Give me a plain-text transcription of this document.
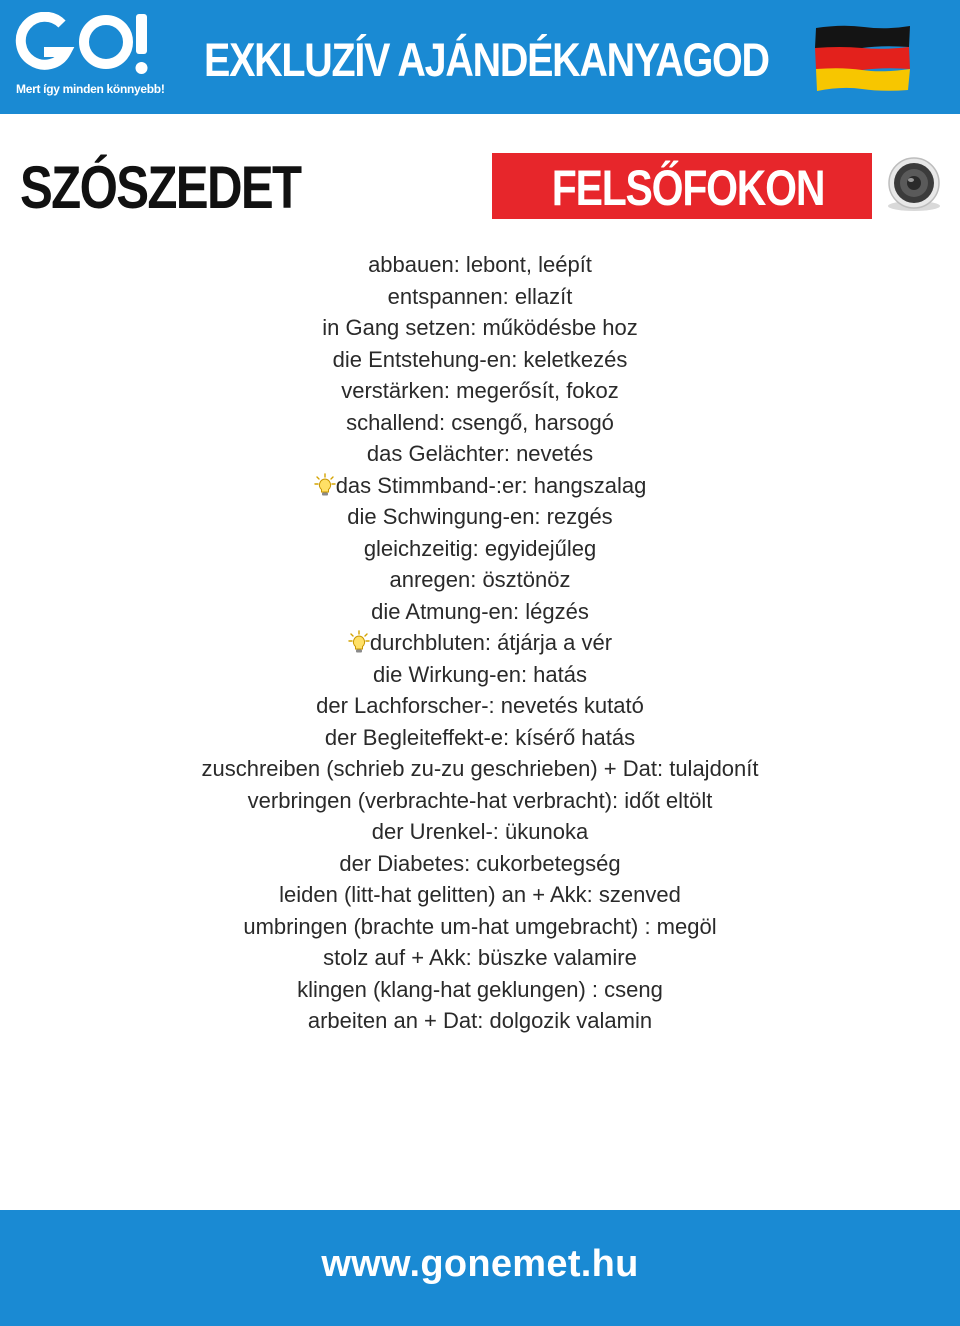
Mert így minden könnyebb!
EXKLUZÍV AJÁNDÉKANYAGOD
SZÓSZEDET	FELSŐFOKON
abbauen: lebont, leépít
entspannen: ellazít
in Gang setzen: működésbe hoz
die Entstehung-en: keletkezés
verstärken: megerősít, fokoz
schallend: csengő, harsogó
das Gelächter: nevetés
das Stimmband-:er: hangszalag
die Schwingung-en: rezgés
gleichzeitig: egyidejűleg
anregen: ösztönöz
die Atmung-en: légzés
durchbluten: átjárja a vér
die Wirkung-en: hatás
der Lachforscher-: nevetés kutató
der Begleiteffekt-e: kísérő hatás
zuschreiben (schrieb zu-zu geschrieben) + Dat: tulajdonít
verbringen (verbrachte-hat verbracht): időt eltölt
der Urenkel-: ükunoka
der Diabetes: cukorbetegség
leiden (litt-hat gelitten) an + Akk: szenved
umbringen (brachte um-hat umgebracht) : megöl
stolz auf + Akk: büszke valamire
klingen (klang-hat geklungen) : cseng
arbeiten an + Dat: dolgozik valamin
www.gonemet.hu
